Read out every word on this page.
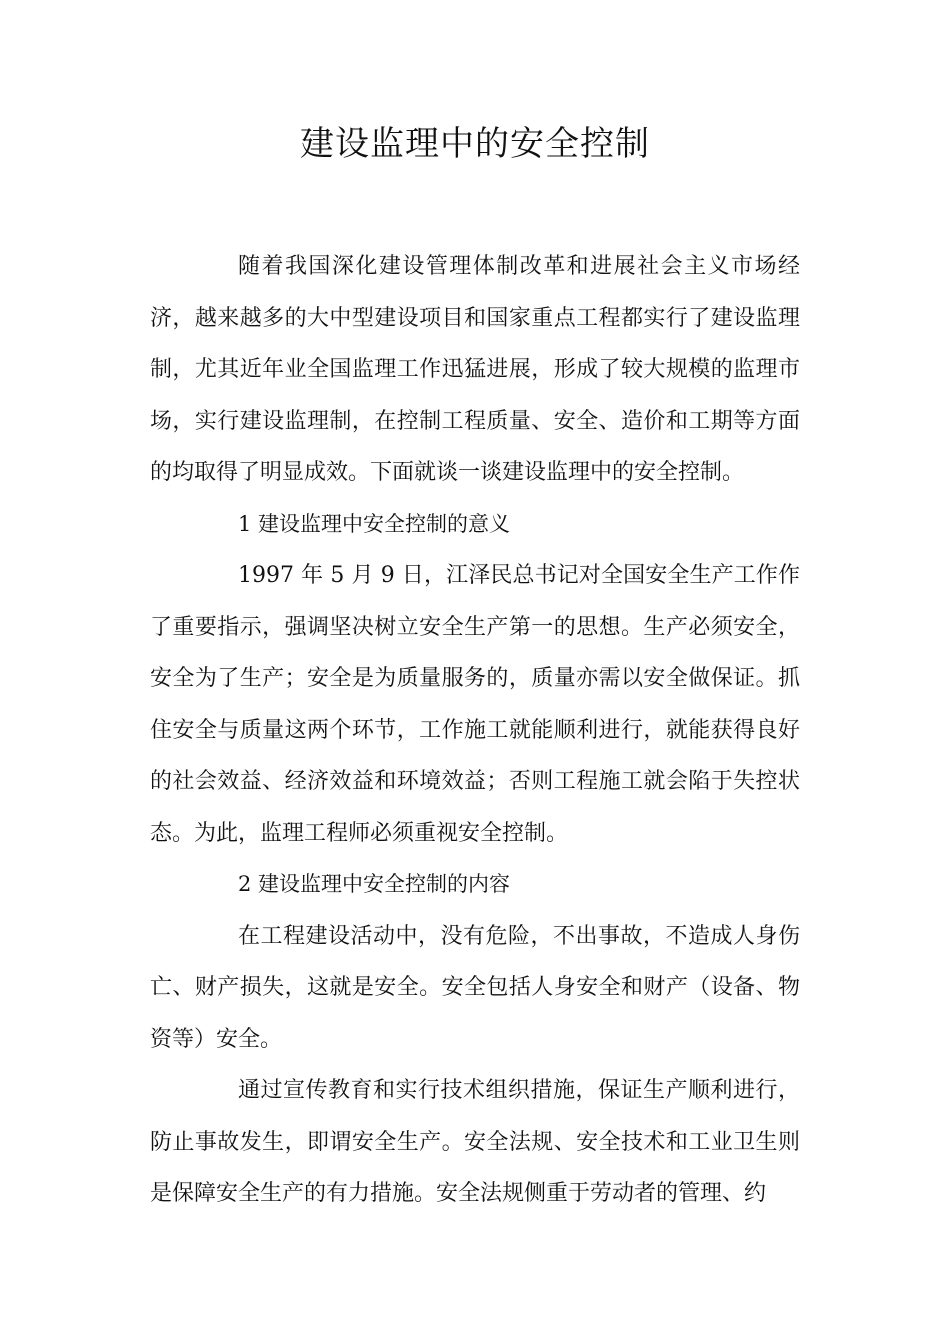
建设监理中的安全控制

随着我国深化建设管理体制改革和进展社会主义市场经济，越来越多的大中型建设项目和国家重点工程都实行了建设监理制，尤其近年业全国监理工作迅猛进展，形成了较大规模的监理市场，实行建设监理制，在控制工程质量、安全、造价和工期等方面的均取得了明显成效。下面就谈一谈建设监理中的安全控制。

1 建设监理中安全控制的意义

1997 年 5 月 9 日，江泽民总书记对全国安全生产工作作了重要指示，强调坚决树立安全生产第一的思想。生产必须安全，安全为了生产；安全是为质量服务的，质量亦需以安全做保证。抓住安全与质量这两个环节，工作施工就能顺利进行，就能获得良好的社会效益、经济效益和环境效益；否则工程施工就会陷于失控状态。为此，监理工程师必须重视安全控制。

2 建设监理中安全控制的内容

在工程建设活动中，没有危险，不出事故，不造成人身伤亡、财产损失，这就是安全。安全包括人身安全和财产（设备、物资等）安全。

通过宣传教育和实行技术组织措施，保证生产顺利进行，防止事故发生，即谓安全生产。安全法规、安全技术和工业卫生则是保障安全生产的有力措施。安全法规侧重于劳动者的管理、约
